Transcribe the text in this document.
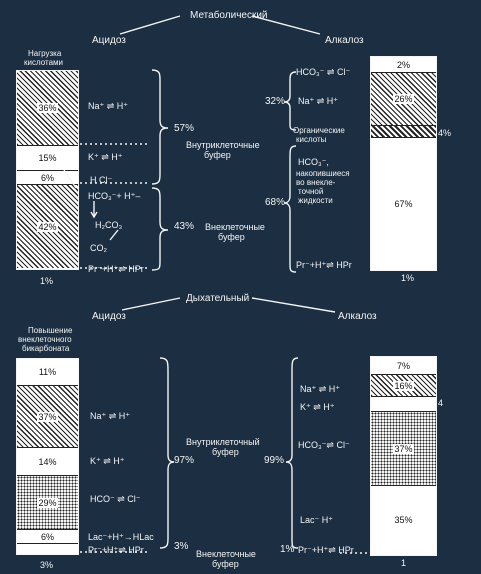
Метаболический
Ацидоз	Алкалоз
Нагрузка
кислотами
36%
15%
6%
42%
1%
Na⁺ ⇌ H⁺
K⁺ ⇌ H⁺
H Cl⁻
HCO₃⁻+ H⁺–
H₂CO₃
CO₂
Pr⁻+H⁺⇌ HPr
57%
Внутриклеточные
буфер
43% Внеклеточные
буфер
HCO₃⁻ ⇌ Cl⁻
32% Na⁺ ⇌ H⁺
Органические
кислоты
HCO₃⁻,
накопившиеся
во внекле-
точной
жидкости
68%
Pr⁻+H⁺⇌ HPr
2%
26%
67%
4%
1%
Дыхательный
Ацидоз	Алкалоз
Повышение
внеклеточного
бикарбоната
11%
37%
14%
29%
6%
3%
Na⁺ ⇌ H⁺
K⁺ ⇌ H⁺
HCO⁻ ⇌ Cl⁻
Lac⁻+H⁺→HLac
Pr⁻+H⁺⇌ HPr
97%
Внутриклеточный
буфер
3%
Внеклеточные
буфер
99%
1%
Na⁺ ⇌ H⁺
K⁺ ⇌ H⁺
HCO₃⁻⇌ Cl⁻
Lac⁻ H⁺
Pr⁻+H⁺⇌ HPr
7%
16%
37%
35%
4
1
